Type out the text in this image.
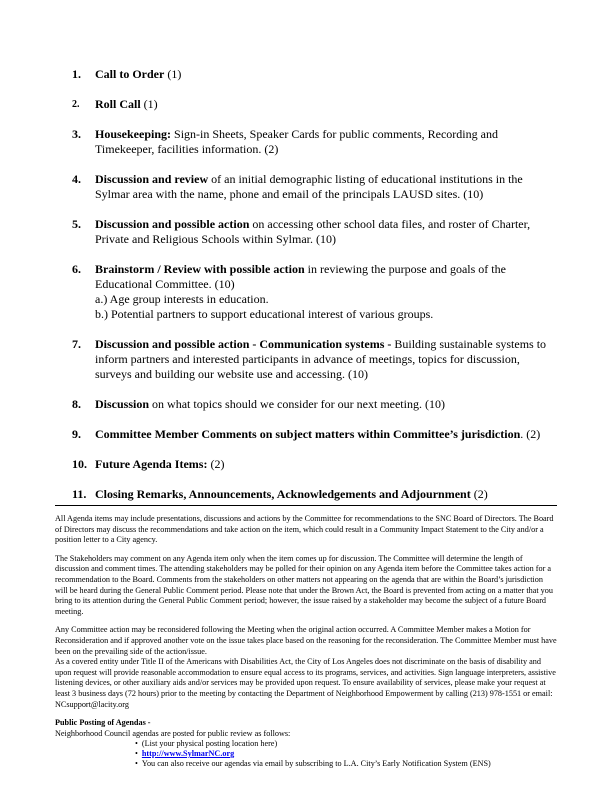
1.	Call to Order (1)
2.	Roll Call (1)
3.	Housekeeping: Sign-in Sheets, Speaker Cards for public comments, Recording and Timekeeper, facilities information. (2)
4.	Discussion and review of an initial demographic listing of educational institutions in the Sylmar area with the name, phone and email of the principals LAUSD sites. (10)
5.	Discussion and possible action on accessing other school data files, and roster of Charter, Private and Religious Schools within Sylmar. (10)
6.	Brainstorm / Review with possible action in reviewing the purpose and goals of the Educational Committee. (10)
a.) Age group interests in education.
b.) Potential partners to support educational interest of various groups.
7.	Discussion and possible action - Communication systems - Building sustainable systems to inform partners and interested participants in advance of meetings, topics for discussion, surveys and building our website use and accessing. (10)
8.	Discussion on what topics should we consider for our next meeting. (10)
9.	Committee Member Comments on subject matters within Committee’s jurisdiction. (2)
10. Future Agenda Items: (2)
11. Closing Remarks, Announcements, Acknowledgements and Adjournment (2)

All Agenda items may include presentations, discussions and actions by the Committee for recommendations to the SNC Board of Directors. The Board of Directors may discuss the recommendations and take action on the item, which could result in a Community Impact Statement to the City and/or a position letter to a City agency.

The Stakeholders may comment on any Agenda item only when the item comes up for discussion. The Committee will determine the length of discussion and comment times. The attending stakeholders may be polled for their opinion on any Agenda item before the Committee takes action for a recommendation to the Board. Comments from the stakeholders on other matters not appearing on the agenda that are within the Board’s jurisdiction will be heard during the General Public Comment period. Please note that under the Brown Act, the Board is prevented from acting on a matter that you bring to its attention during the General Public Comment period; however, the issue raised by a stakeholder may become the subject of a future Board meeting.

Any Committee action may be reconsidered following the Meeting when the original action occurred. A Committee Member makes a Motion for Reconsideration and if approved another vote on the issue takes place based on the reasoning for the reconsideration. The Committee Member must have been on the prevailing side of the action/issue.

As a covered entity under Title II of the Americans with Disabilities Act, the City of Los Angeles does not discriminate on the basis of disability and upon request will provide reasonable accommodation to ensure equal access to its programs, services, and activities. Sign language interpreters, assistive listening devices, or other auxiliary aids and/or services may be provided upon request. To ensure availability of services, please make your request at least 3 business days (72 hours) prior to the meeting by contacting the Department of Neighborhood Empowerment by calling (213) 978-1551 or email: NCsupport@lacity.org

Public Posting of Agendas -
Neighborhood Council agendas are posted for public review as follows:
• (List your physical posting location here)
• http://www.SylmarNC.org
• You can also receive our agendas via email by subscribing to L.A. City’s Early Notification System (ENS)
